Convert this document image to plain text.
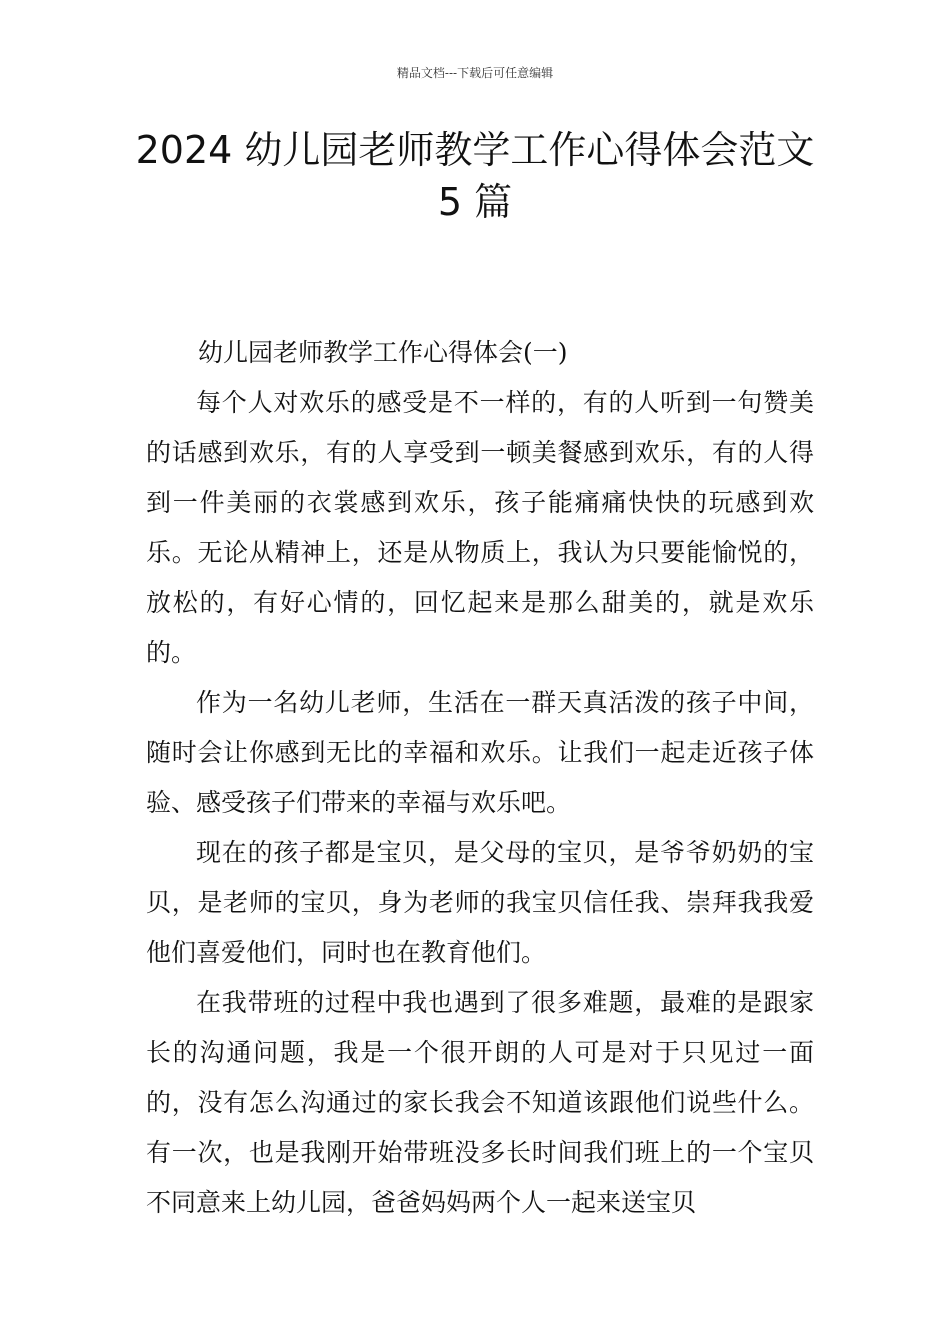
精品文档---下载后可任意编辑
2024 幼儿园老师教学工作心得体会范文
5 篇

幼儿园老师教学工作心得体会(一)

每个人对欢乐的感受是不一样的，有的人听到一句赞美的话感到欢乐，有的人享受到一顿美餐感到欢乐，有的人得到一件美丽的衣裳感到欢乐，孩子能痛痛快快的玩感到欢乐。无论从精神上，还是从物质上，我认为只要能愉悦的，放松的，有好心情的，回忆起来是那么甜美的，就是欢乐的。

作为一名幼儿老师，生活在一群天真活泼的孩子中间，随时会让你感到无比的幸福和欢乐。让我们一起走近孩子体验、感受孩子们带来的幸福与欢乐吧。

现在的孩子都是宝贝，是父母的宝贝，是爷爷奶奶的宝贝，是老师的宝贝，身为老师的我宝贝信任我、崇拜我我爱他们喜爱他们，同时也在教育他们。

在我带班的过程中我也遇到了很多难题，最难的是跟家长的沟通问题，我是一个很开朗的人可是对于只见过一面的，没有怎么沟通过的家长我会不知道该跟他们说些什么。有一次，也是我刚开始带班没多长时间我们班上的一个宝贝不同意来上幼儿园，爸爸妈妈两个人一起来送宝贝
